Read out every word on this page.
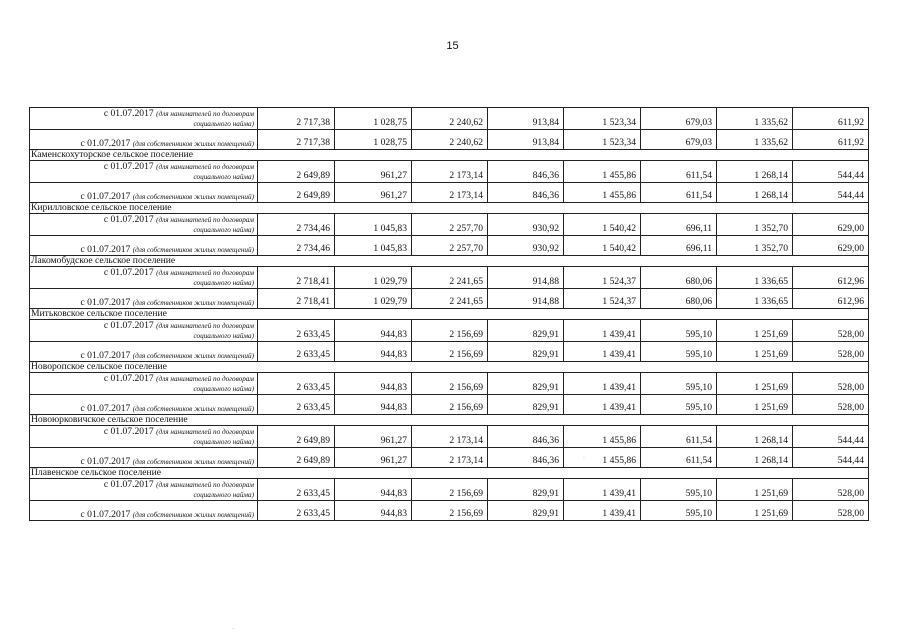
15
с 01.07.2017 (для нанимателей по договорам
социального найма)	2 717,38	1 028,75	2 240,62	913,84	1 523,34	679,03	1 335,62	611,92

с 01.07.2017 (для собственников жилых помещений)	2 717,38	1 028,75	2 240,62	913,84	1 523,34	679,03	1 335,62	611,92
Каменскохуторское сельское поселение								

с 01.07.2017 (для нанимателей по договорам
социального найма)	2 649,89	961,27	2 173,14	846,36	1 455,86	611,54	1 268,14	544,44

с 01.07.2017 (для собственников жилых помещений)	2 649,89	961,27	2 173,14	846,36	1 455,86	611,54	1 268,14	544,44
Кирилловское сельское поселение								

с 01.07.2017 (для нанимателей по договорам
социального найма)	2 734,46	1 045,83	2 257,70	930,92	1 540,42	696,11	1 352,70	629,00

с 01.07.2017 (для собственников жилых помещений)	2 734,46	1 045,83	2 257,70	930,92	1 540,42	696,11	1 352,70	629,00
Лакомобудское сельское поселение								

с 01.07.2017 (для нанимателей по договорам
социального найма)	2 718,41	1 029,79	2 241,65	914,88	1 524,37	680,06	1 336,65	612,96

с 01.07.2017 (для собственников жилых помещений)	2 718,41	1 029,79	2 241,65	914,88	1 524,37	680,06	1 336,65	612,96
Митьковское сельское поселение								

с 01.07.2017 (для нанимателей по договорам
социального найма)	2 633,45	944,83	2 156,69	829,91	1 439,41	595,10	1 251,69	528,00

с 01.07.2017 (для собственников жилых помещений)	2 633,45	944,83	2 156,69	829,91	1 439,41	595,10	1 251,69	528,00
Новоропское сельское поселение								

с 01.07.2017 (для нанимателей по договорам
социального найма)	2 633,45	944,83	2 156,69	829,91	1 439,41	595,10	1 251,69	528,00

с 01.07.2017 (для собственников жилых помещений)	2 633,45	944,83	2 156,69	829,91	1 439,41	595,10	1 251,69	528,00
Новоюрковичское сельское поселение								

с 01.07.2017 (для нанимателей по договорам
социального найма)	2 649,89	961,27	2 173,14	846,36	1 455,86	611,54	1 268,14	544,44

с 01.07.2017 (для собственников жилых помещений)	2 649,89	961,27	2 173,14	846,36	1 455,86	611,54	1 268,14	544,44
Плавенское сельское поселение								

с 01.07.2017 (для нанимателей по договорам
социального найма)	2 633,45	944,83	2 156,69	829,91	1 439,41	595,10	1 251,69	528,00

с 01.07.2017 (для собственников жилых помещений)	2 633,45	944,83	2 156,69	829,91	1 439,41	595,10	1 251,69	528,00
·
·
